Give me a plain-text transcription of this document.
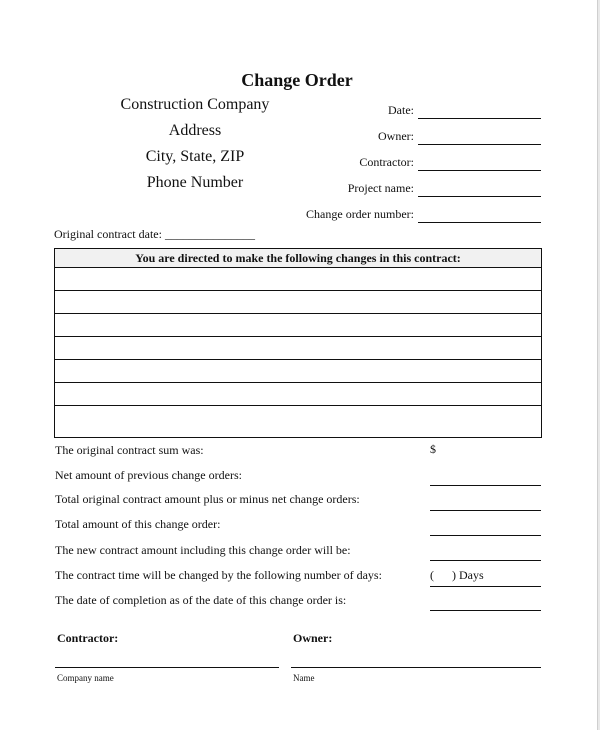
Change Order
Construction Company
Address
City, State, ZIP
Phone Number
Date:
Owner:
Contractor:
Project name:
Change order number:
Original contract date: _______________
You are directed to make the following changes in this contract:
The original contract sum was:	$
Net amount of previous change orders:
Total original contract amount plus or minus net change orders:
Total amount of this change order:
The new contract amount including this change order will be:
The contract time will be changed by the following number of days:	( ) Days
The date of completion as of the date of this change order is:
Contractor:	Owner:
Company name	Name
